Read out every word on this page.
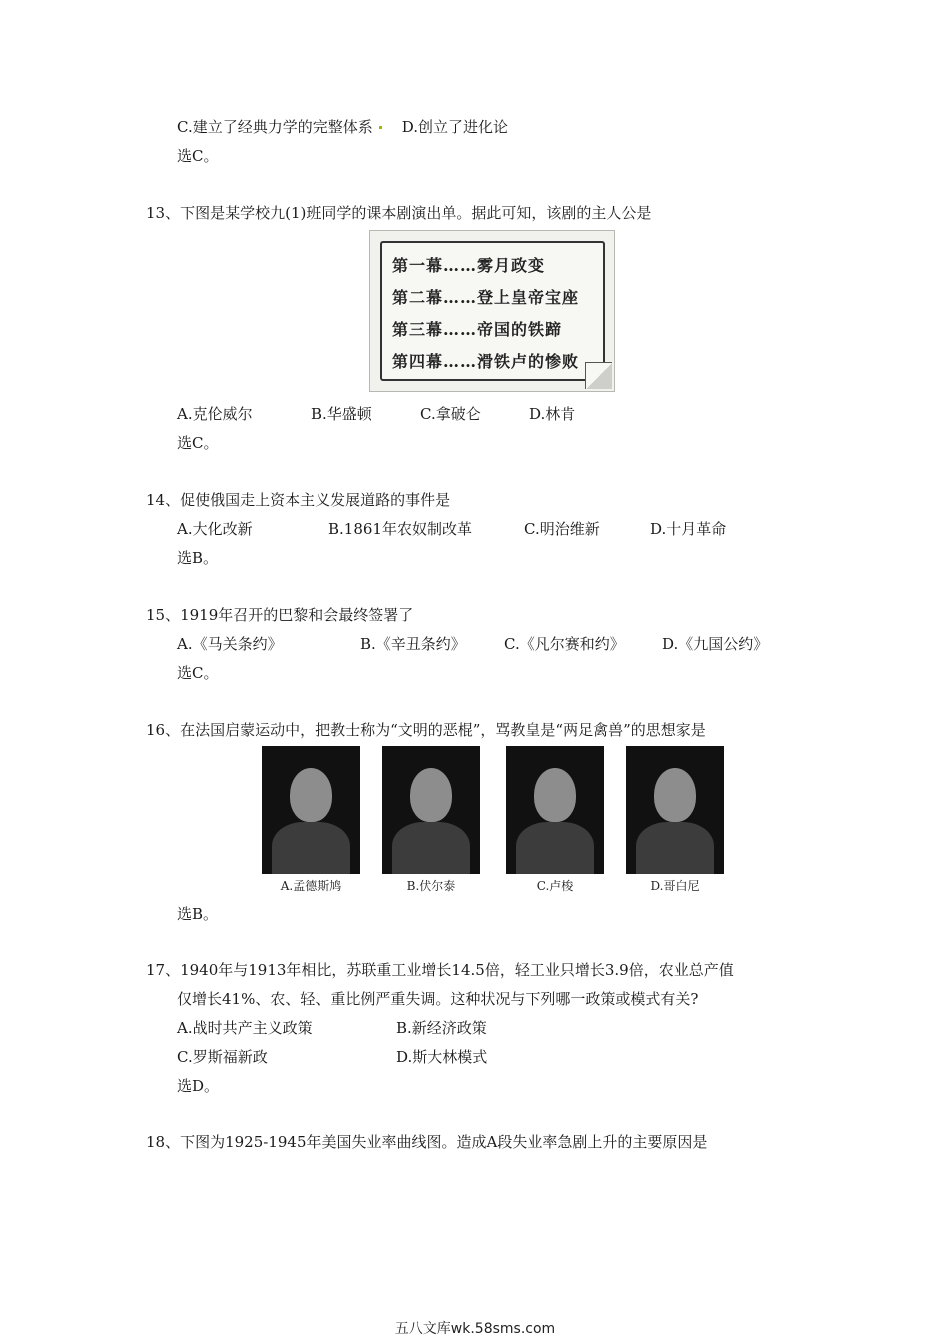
C.建立了经典力学的完整体系 D.创立了进化论
选C。
13、下图是某学校九(1)班同学的课本剧演出单。据此可知，该剧的主人公是
第一幕……雾月政变
第二幕……登上皇帝宝座
第三幕……帝国的铁蹄
第四幕……滑铁卢的惨败
A.克伦威尔	B.华盛顿	C.拿破仑	D.林肯
选C。
14、促使俄国走上资本主义发展道路的事件是
A.大化改新	B.1861年农奴制改革	C.明治维新	D.十月革命
选B。
15、1919年召开的巴黎和会最终签署了
A.《马关条约》	B.《辛丑条约》	C.《凡尔赛和约》 D.《九国公约》
选C。
16、在法国启蒙运动中，把教士称为“文明的恶棍”，骂教皇是“两足禽兽”的思想家是
A.孟德斯鸠	B.伏尔泰	C.卢梭	D.哥白尼
选B。
17、1940年与1913年相比，苏联重工业增长14.5倍，轻工业只增长3.9倍，农业总产值
仅增长41%、农、轻、重比例严重失调。这种状况与下列哪一政策或模式有关?
A.战时共产主义政策	B.新经济政策
C.罗斯福新政	D.斯大林模式
选D。
18、下图为1925-1945年美国失业率曲线图。造成A段失业率急剧上升的主要原因是
五八文库wk.58sms.com
